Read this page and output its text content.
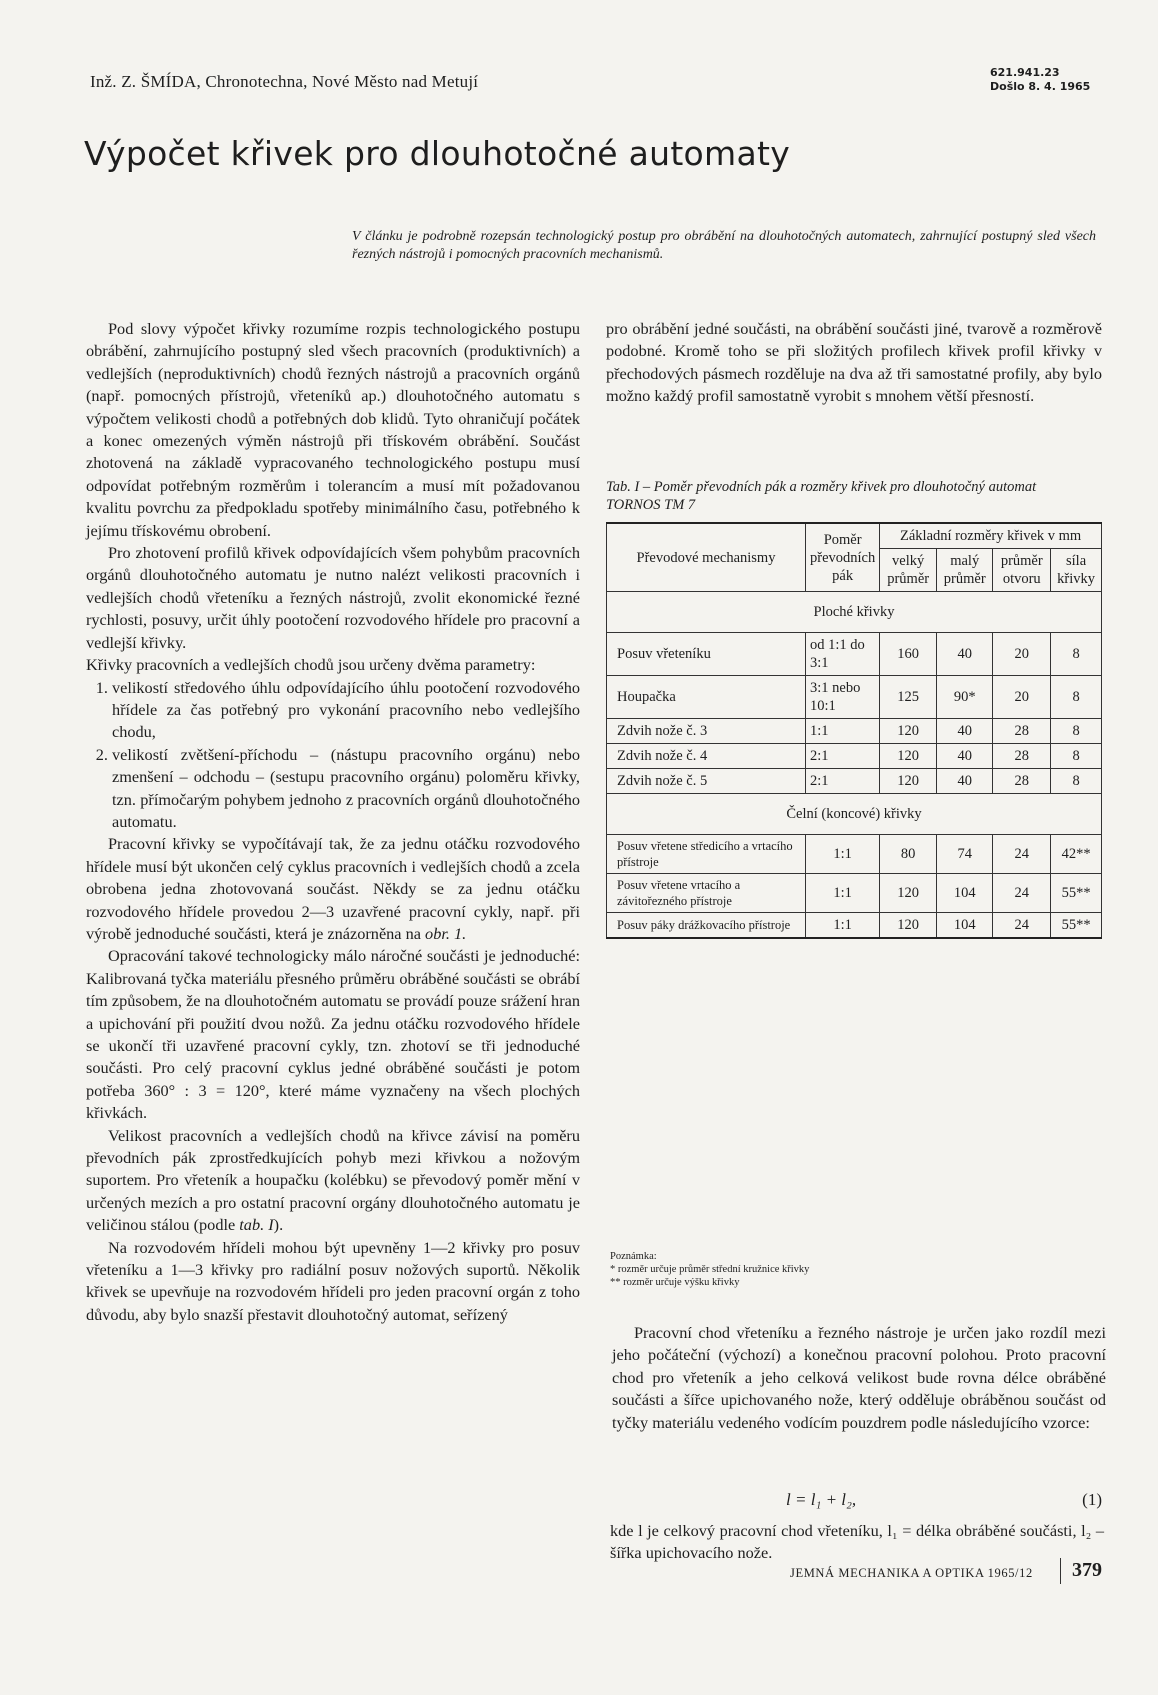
Inž. Z. ŠMÍDA, Chronotechna, Nové Město nad Metují	621.941.23
Došlo 8. 4. 1965
Výpočet křivek pro dlouhotočné automaty
V článku je podrobně rozepsán technologický postup pro obrábění na dlouhotočných automatech, zahrnující postupný sled všech řezných nástrojů i pomocných pracovních mechanismů.

Pod slovy výpočet křivky rozumíme rozpis technologického postupu obrábění, zahrnujícího postupný sled všech pracovních (produktivních) a vedlejších (neproduktivních) chodů řezných nástrojů a pracovních orgánů (např. pomocných přístrojů, vřeteníků ap.) dlouhotočného automatu s výpočtem velikosti chodů a potřebných dob klidů. Tyto ohraničují počátek a konec omezených výměn nástrojů při třískovém obrábění. Součást zhotovená na základě vypracovaného technologického postupu musí odpovídat potřebným rozměrům i tolerancím a musí mít požadovanou kvalitu povrchu za předpokladu spotřeby minimálního času, potřebného k jejímu třískovému obrobení.

Pro zhotovení profilů křivek odpovídajících všem pohybům pracovních orgánů dlouhotočného automatu je nutno nalézt velikosti pracovních i vedlejších chodů vřeteníku a řezných nástrojů, zvolit ekonomické řezné rychlosti, posuvy, určit úhly pootočení rozvodového hřídele pro pracovní a vedlejší křivky.

Křivky pracovních a vedlejších chodů jsou určeny dvěma parametry:

1. velikostí středového úhlu odpovídajícího úhlu pootočení rozvodového hřídele za čas potřebný pro vykonání pracovního nebo vedlejšího chodu,
2. velikostí zvětšení-příchodu – (nástupu pracovního orgánu) nebo zmenšení – odchodu – (sestupu pracovního orgánu) poloměru křivky, tzn. přímočarým pohybem jednoho z pracovních orgánů dlouhotočného automatu.

Pracovní křivky se vypočítávají tak, že za jednu otáčku rozvodového hřídele musí být ukončen celý cyklus pracovních i vedlejších chodů a zcela obrobena jedna zhotovovaná součást. Někdy se za jednu otáčku rozvodového hřídele provedou 2—3 uzavřené pracovní cykly, např. při výrobě jednoduché součásti, která je znázorněna na obr. 1.

Opracování takové technologicky málo náročné součásti je jednoduché: Kalibrovaná tyčka materiálu přesného průměru obráběné součásti se obrábí tím způsobem, že na dlouhotočném automatu se provádí pouze srážení hran a upichování při použití dvou nožů. Za jednu otáčku rozvodového hřídele se ukončí tři uzavřené pracovní cykly, tzn. zhotoví se tři jednoduché součásti. Pro celý pracovní cyklus jedné obráběné součásti je potom potřeba 360° : 3 = 120°, které máme vyznačeny na všech plochých křivkách.

Velikost pracovních a vedlejších chodů na křivce závisí na poměru převodních pák zprostředkujících pohyb mezi křivkou a nožovým suportem. Pro vřeteník a houpačku (kolébku) se převodový poměr mění v určených mezích a pro ostatní pracovní orgány dlouhotočného automatu je veličinou stálou (podle tab. I).

Na rozvodovém hřídeli mohou být upevněny 1—2 křivky pro posuv vřeteníku a 1—3 křivky pro radiální posuv nožových suportů. Několik křivek se upevňuje na rozvodovém hřídeli pro jeden pracovní orgán z toho důvodu, aby bylo snazší přestavit dlouhotočný automat, seřízený

pro obrábění jedné součásti, na obrábění součásti jiné, tvarově a rozměrově podobné. Kromě toho se při složitých profilech křivek profil křivky v přechodových pásmech rozděluje na dva až tři samostatné profily, aby bylo možno každý profil samostatně vyrobit s mnohem větší přesností.

Tab. I – Poměr převodních pák a rozměry křivek pro dlouhotočný automat TORNOS TM 7
Převodové mechanismy	Poměr převodních pák	Základní rozměry křivek v mm			
		velký průměr	malý průměr	průměr otvoru	síla křivky
Ploché křivky					
Posuv vřeteníku	od 1:1 do 3:1	160	40	20	8
Houpačka	3:1 nebo 10:1	125	90*	20	8
Zdvih nože č. 3	1:1	120	40	28	8
Zdvih nože č. 4	2:1	120	40	28	8
Zdvih nože č. 5	2:1	120	40	28	8
Čelní (koncové) křivky					
Posuv vřetene středicího a vrtacího přístroje	1:1	80	74	24	42**
Posuv vřetene vrtacího a závitořezného přístroje	1:1	120	104	24	55**
Posuv páky drážkovacího přístroje	1:1	120	104	24	55**
Poznámka:
* rozměr určuje průměr střední kružnice křivky
** rozměr určuje výšku křivky

Pracovní chod vřeteníku a řezného nástroje je určen jako rozdíl mezi jeho počáteční (výchozí) a konečnou pracovní polohou. Proto pracovní chod pro vřeteník a jeho celková velikost bude rovna délce obráběné součásti a šířce upichovaného nože, který odděluje obráběnou součást od tyčky materiálu vedeného vodícím pouzdrem podle následujícího vzorce:

l = l₁ + l₂,	(1)

kde l je celkový pracovní chod vřeteníku, l₁ = délka obráběné součásti, l₂ – šířka upichovacího nože.

JEMNÁ MECHANIKA A OPTIKA 1965/12 379
